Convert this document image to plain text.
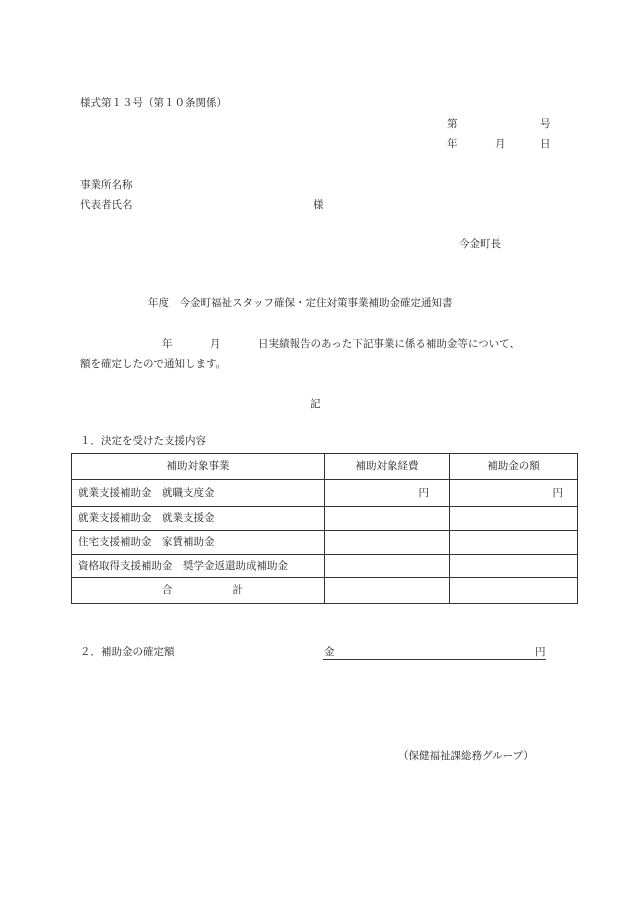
様式第１３号（第１０条関係）
第	号
年	月	日
事業所名称
代表者氏名	様
今金町長
年度　今金町福祉スタッフ確保・定住対策事業補助金確定通知書
年	月	日実績報告のあった下記事業に係る補助金等について、
額を確定したので通知します。
記
１．決定を受けた支援内容
補助対象事業	補助対象経費	補助金の額
就業支援補助金　就職支度金	円	円
就業支援補助金　就業支援金		
住宅支援補助金　家賃補助金		
資格取得支援補助金　奨学金返還助成補助金		
合 計		
２．補助金の確定額	金	円
（保健福祉課総務グループ）
